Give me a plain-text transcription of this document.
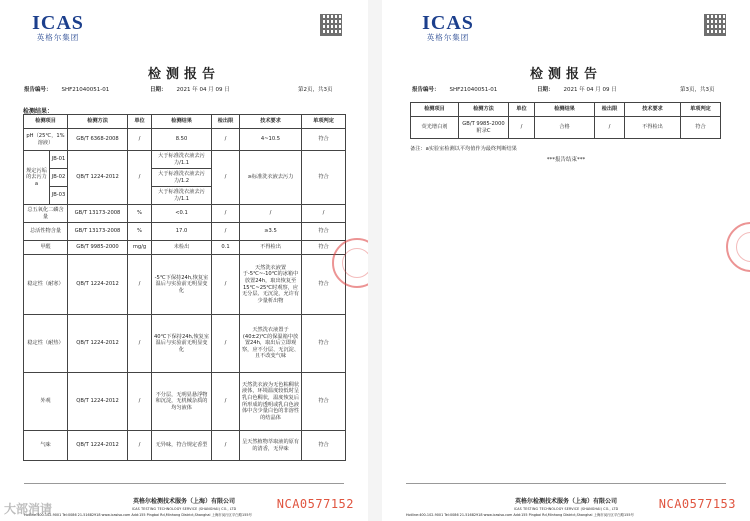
ICAS
英格尔集团
检测报告
报告编号： SHF21040051-01	日期： 2021 年 04 月 09 日	第2页，共3页
检测结果：
检测项目		检测方法	单位	检测结果	检出限	技术要求	单项判定
pH（25℃，1%溶液）		GB/T 6368-2008	/	8.50	/	4~10.5	符合
规定污垢的去污力a	JB-01	QB/T 1224-2012	/	大于标准洗衣液去污力/1.1	/	≥标准洗衣液去污力	符合
	JB-02			大于标准洗衣液去污力/1.2			
	JB-03			大于标准洗衣液去污力/1.1			
总五氧化二磷含量		GB/T 13173-2008	%	<0.1	/	/	/
总活性物含量		GB/T 13173-2008	%	17.0	/	≥3.5	符合
甲醛		GB/T 9985-2000	mg/g	未检出	0.1	不得检出	符合
稳定性（耐寒）		QB/T 1224-2012	/	-5℃下保持24h,恢复室温后与实验前无明显变化	/	天然洗衣液置于-5℃~-10℃的冰箱中放置24h，取出恢复至15℃~25℃时观察，应无分层、无沉淀，允许有少量析出物	符合
稳定性（耐热）		QB/T 1224-2012	/	40℃下保持24h,恢复室温后与实验前无明显变化	/	天然洗衣液置于(40±2)℃的保温箱中放置24h，取出后立即观察，应不分层、无沉淀、且不改变气味	符合
外观		QB/T 1224-2012	/	不分层，无明显悬浮物和沉淀，无机械杂质的均匀液体	/	天然洗衣液为无色粘稠状液体，环境温度较低时呈乳白色稠状，温度恢复后所形成的透明或乳白色液体中含少量白色的非溶性的结晶体	符合
气味		QB/T 1224-2012	/	无异味，符合规定香型	/	呈天然植物萃取液的原有的清香，无异味	符合
大部消请
英格尔检测技术服务（上海）有限公司
ICAS TESTING TECHNOLOGY SERVICE (SHANGHAI) CO., LTD
Hotline:400-102-9001 Tel:0086 21-51682918 www.icasiso.com Add:155 Pingbai Rd,Minhang District,Shanghai 上海市闵行区平白路155号
NCA0577152
ICAS
英格尔集团
检测报告
报告编号： SHF21040051-01	日期： 2021 年 04 月 09 日	第3页，共3页
检测项目	检测方法	单位	检测结果	检出限	技术要求	单项判定
荧光增白剂	GB/T 9985-2000 附录C	/	合格	/	不得检出	符合
备注：a实验室检测以平均值作为最终判断结果
***报告结束***
英格尔检测技术服务（上海）有限公司
ICAS TESTING TECHNOLOGY SERVICE (SHANGHAI) CO., LTD
Hotline:400-102-9001 Tel:0086 21-51682918 www.icasiso.com Add:155 Pingbai Rd,Minhang District,Shanghai 上海市闵行区平白路155号
NCA0577153
